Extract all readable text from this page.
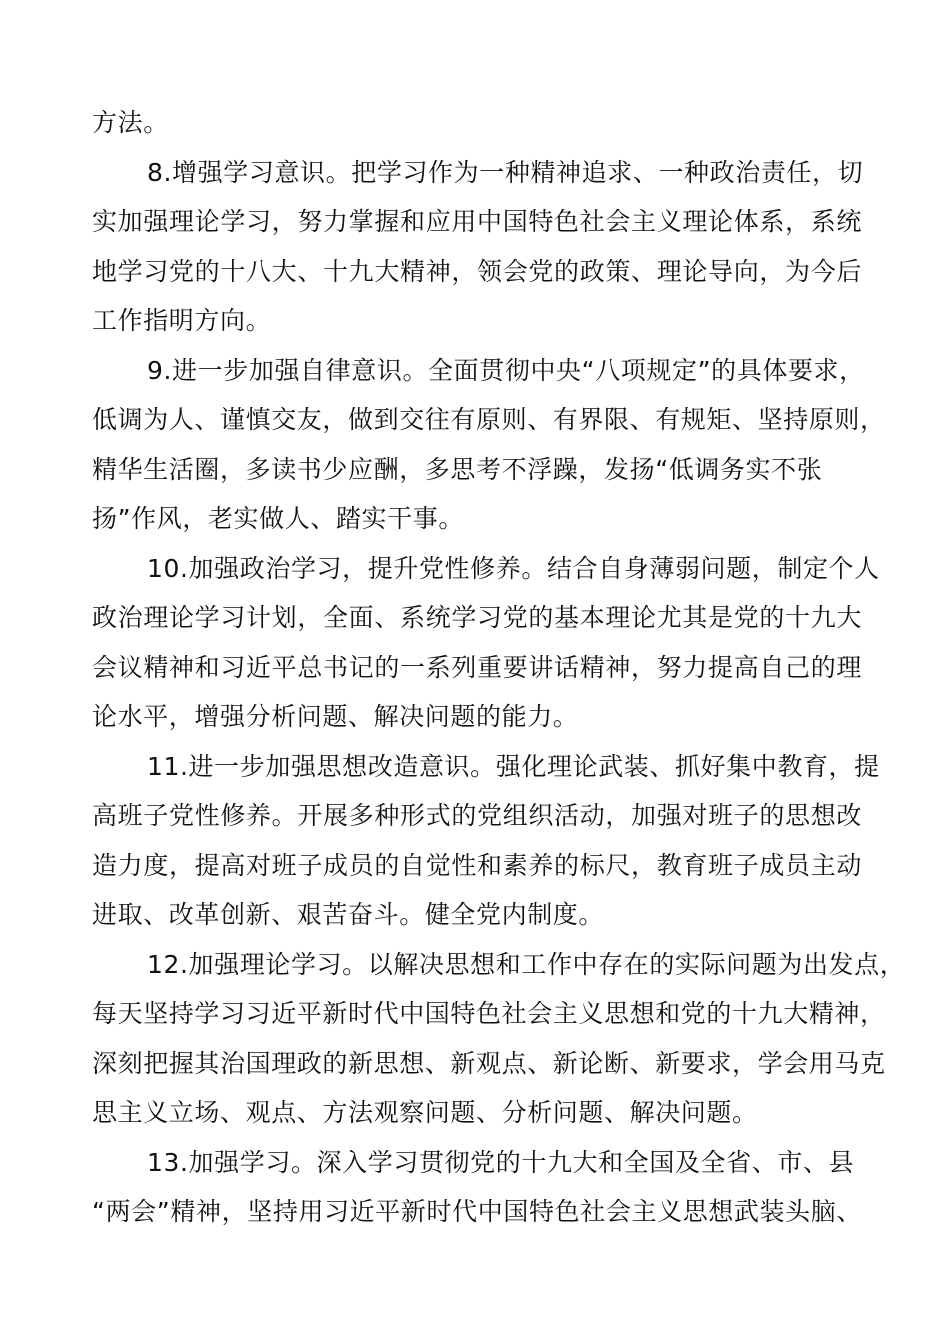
方法。
8.增强学习意识。把学习作为一种精神追求、一种政治责任，切
实加强理论学习，努力掌握和应用中国特色社会主义理论体系，系统
地学习党的十八大、十九大精神，领会党的政策、理论导向，为今后
工作指明方向。
9.进一步加强自律意识。全面贯彻中央“八项规定”的具体要求，
低调为人、谨慎交友，做到交往有原则、有界限、有规矩、坚持原则，
精华生活圈，多读书少应酬，多思考不浮躁，发扬“低调务实不张
扬”作风，老实做人、踏实干事。
10.加强政治学习，提升党性修养。结合自身薄弱问题，制定个人
政治理论学习计划，全面、系统学习党的基本理论尤其是党的十九大
会议精神和习近平总书记的一系列重要讲话精神，努力提高自己的理
论水平，增强分析问题、解决问题的能力。
11.进一步加强思想改造意识。强化理论武装、抓好集中教育，提
高班子党性修养。开展多种形式的党组织活动，加强对班子的思想改
造力度，提高对班子成员的自觉性和素养的标尺，教育班子成员主动
进取、改革创新、艰苦奋斗。健全党内制度。
12.加强理论学习。以解决思想和工作中存在的实际问题为出发点，
每天坚持学习习近平新时代中国特色社会主义思想和党的十九大精神，
深刻把握其治国理政的新思想、新观点、新论断、新要求，学会用马克
思主义立场、观点、方法观察问题、分析问题、解决问题。
13.加强学习。深入学习贯彻党的十九大和全国及全省、市、县
“两会”精神，坚持用习近平新时代中国特色社会主义思想武装头脑、
